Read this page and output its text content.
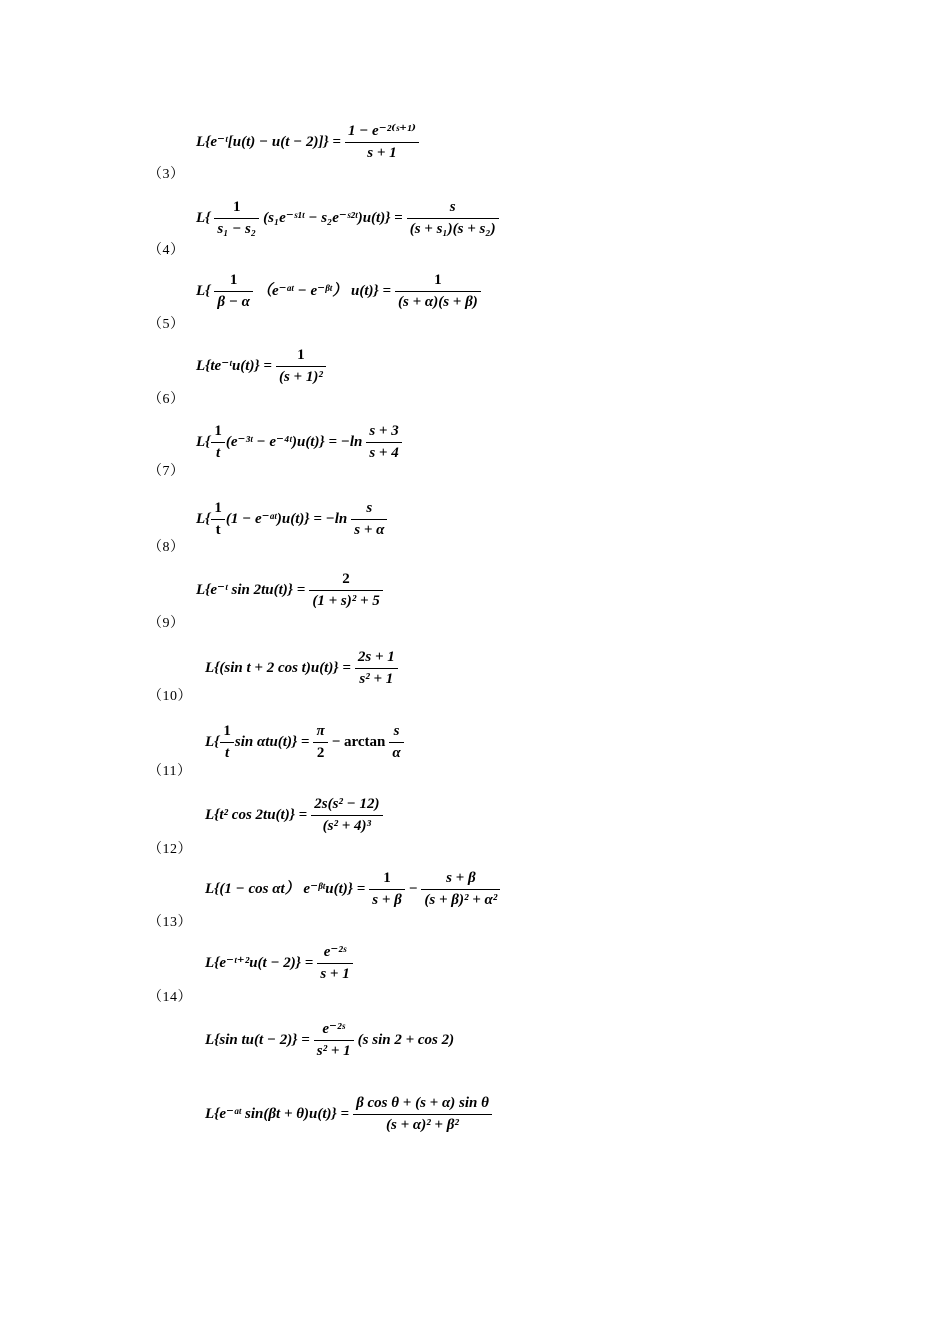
（3）
L{e⁻ᵗ[u(t) − $u(t - 2)]\} = \frac{\text{1 − e⁻²⁽ˢ⁺¹⁾}}{s + 1}$
（4）
$L\{ \frac{1}{\text{s₁ − s₂}}$ (s₁e⁻ˢ¹ᵗ − s₂e⁻ˢ²ᵗ)u(t)} = $\frac{s}{\text{(s + s₁)(s + s₂)}}$
（5）
$L\{ \frac{1}{\beta - \alpha}$ （e⁻ᵅᵗ − e⁻ᵝᵗ） $u(t)\} = \frac{1}{(s + \alpha)(s + \beta)}$
（6）
L{te⁻ᵗu(t)} = $\frac{1}{\text{(s + 1)²}}$
（7）
$L\{ \frac{1}{t}$ (e⁻³ᵗ − e⁻⁴ᵗ)u(t)} = $-\ln \frac{s + 3}{s + 4}$
（8）
$L\{ \frac{1}{t} (1$ − e⁻ᵅᵗ)u(t)} = $-\ln \frac{s}{s + \alpha}$
（9）
L{e⁻ᵗ $\sin 2tu(t)\} = \frac{2}{\text{(1 + s)² + 5}}$
（10）
L{(sin t + 2 $\cos t)u(t)\} = \frac{2s + 1}{\text{s² + 1}}$
（11）
$L\{ \frac{1}{t}$ $\sin \alpha tu(t)\} = \frac{\pi}{2} - \arctan \frac{s}{\alpha}$
（12）
L{t² $\cos 2tu(t)\} = \frac{\text{2s(s² − 12)}}{\text{(s² + 4)³}}$
（13）
L{(1 − cos αt） e⁻ᵝᵗu(t)} = $\frac{1}{s + \beta} - \frac{s + \beta}{\text{(s + β)² + α²}}$
（14）
L{e⁻ᵗ⁺²u(t − $2)\} = \frac{\text{e⁻²ˢ}}{s + 1}$
L{sin $tu(t - 2)\} = \frac{\text{e⁻²ˢ}}{\text{s² + 1}} (s$ sin 2 + cos 2)
L{e⁻ᵅᵗ $\sin(\beta t + \theta)u(t)\} = \frac{\text{β cos θ + (s + α) sin θ}}{\text{(s + α)² + β²}}$
